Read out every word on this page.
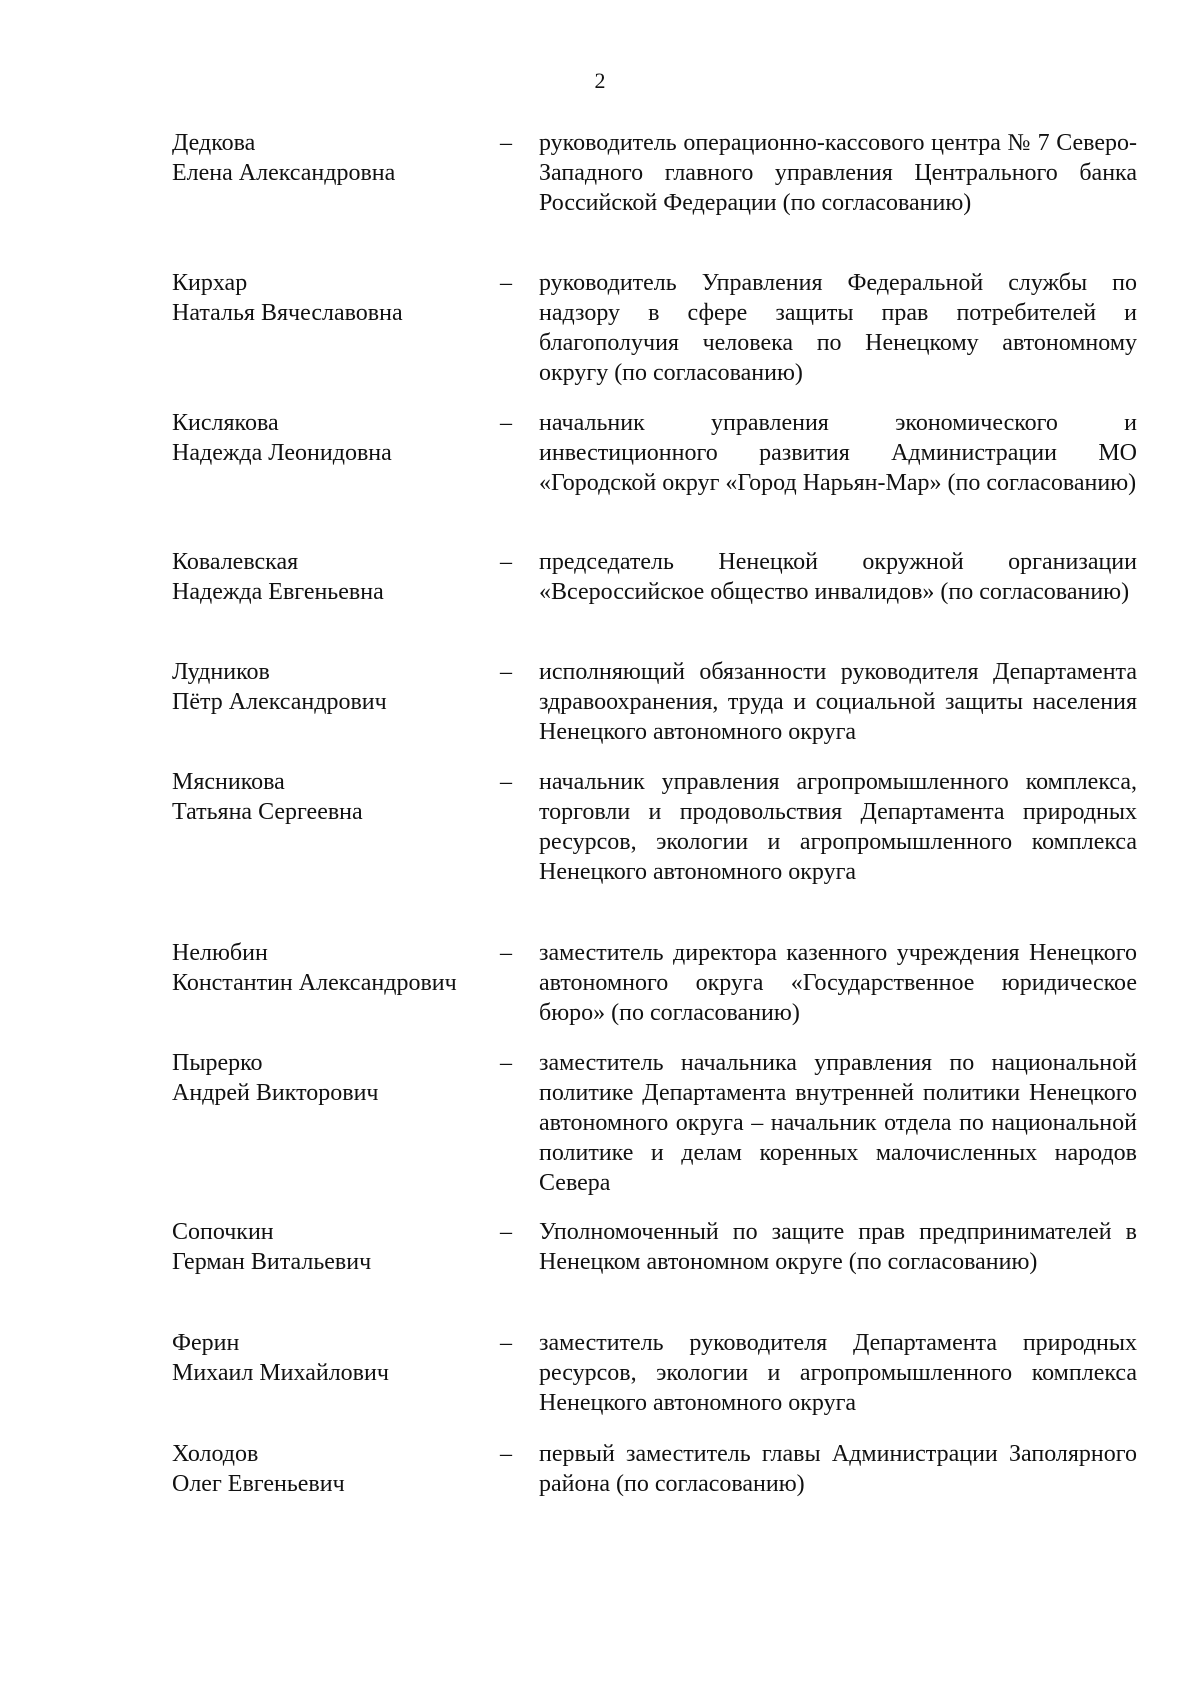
2
Дедкова
Елена Александровна
– руководитель операционно-кассового центра № 7 Северо-Западного главного управления Центрального банка Российской Федерации (по согласованию)
Кирхар
Наталья Вячеславовна
– руководитель Управления Федеральной службы по надзору в сфере защиты прав потребителей и благополучия человека по Ненецкому автономному округу (по согласованию)
Кислякова
Надежда Леонидовна
– начальник управления экономического и инвестиционного развития Администрации МО «Городской округ «Город Нарьян-Мар» (по согласованию)
Ковалевская
Надежда Евгеньевна
– председатель Ненецкой окружной организации «Всероссийское общество инвалидов» (по согласованию)
Лудников
Пётр Александрович
– исполняющий обязанности руководителя Департамента здравоохранения, труда и социальной защиты населения Ненецкого автономного округа
Мясникова
Татьяна Сергеевна
– начальник управления агропромышленного комплекса, торговли и продовольствия Департамента природных ресурсов, экологии и агропромышленного комплекса Ненецкого автономного округа
Нелюбин
Константин Александрович
– заместитель директора казенного учреждения Ненецкого автономного округа «Государственное юридическое бюро» (по согласованию)
Пырерко
Андрей Викторович
– заместитель начальника управления по национальной политике Департамента внутренней политики Ненецкого автономного округа – начальник отдела по национальной политике и делам коренных малочисленных народов Севера
Сопочкин
Герман Витальевич
– Уполномоченный по защите прав предпринимателей в Ненецком автономном округе (по согласованию)
Ферин
Михаил Михайлович
– заместитель руководителя Департамента природных ресурсов, экологии и агропромышленного комплекса Ненецкого автономного округа
Холодов
Олег Евгеньевич
– первый заместитель главы Администрации Заполярного района (по согласованию)
